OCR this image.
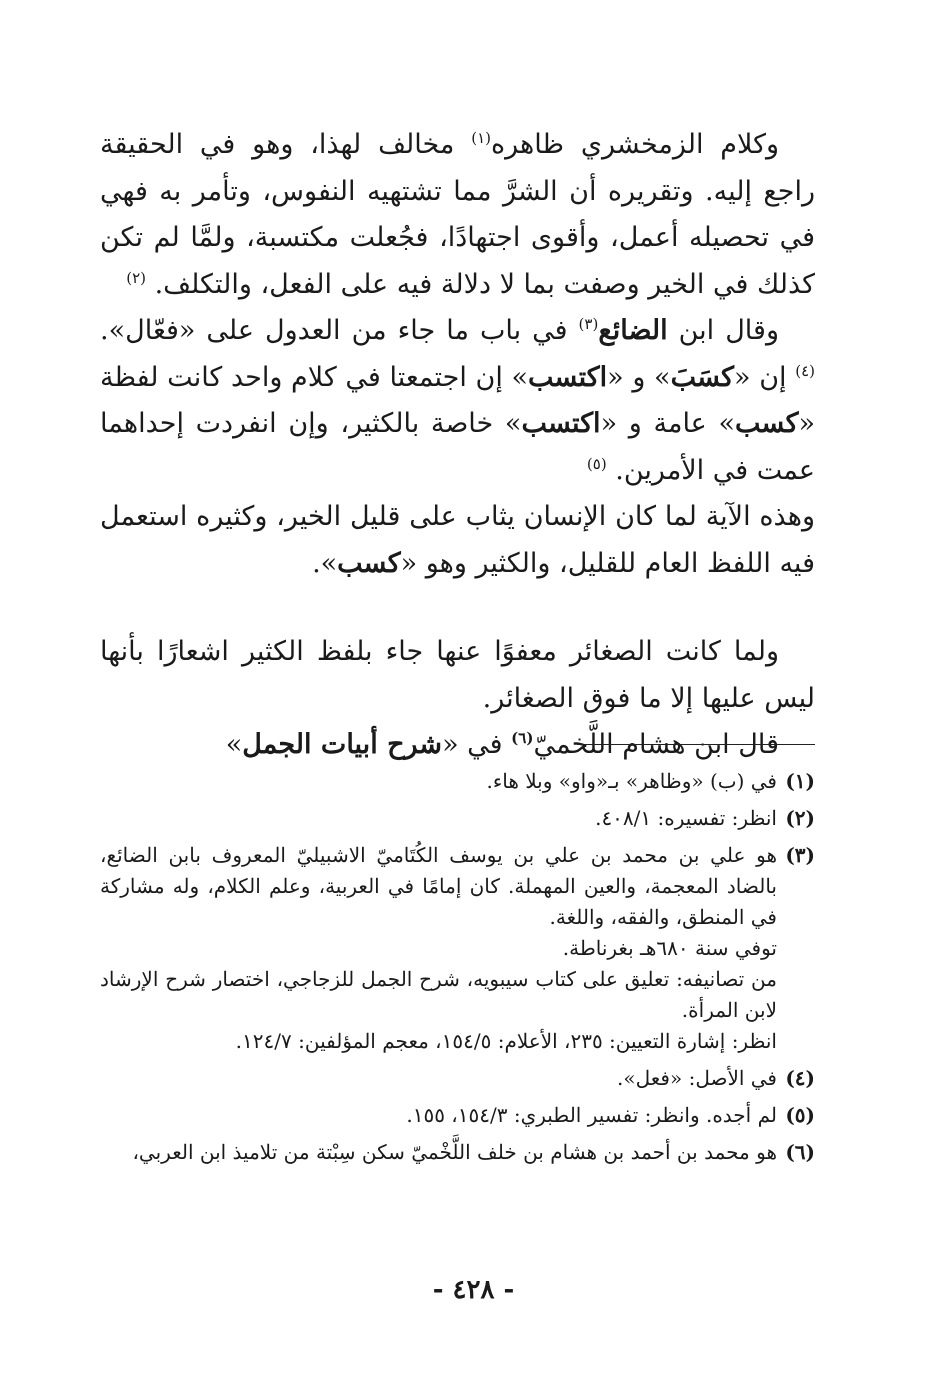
وكلام الزمخشري ظاهره$^{(١)}$ مخالف لهذا، وهو في الحقيقة راجع إليه. وتقريره أن الشرَّ مما تشتهيه النفوس، وتأمر به فهي في تحصيله أعمل، وأقوى اجتهادًا، فجُعلت مكتسبة، ولمَّا لم تكن كذلك في الخير وصفت بما لا دلالة فيه على الفعل، والتكلف. $^{(٢)}$

وقال ابن الضائع$^{(٣)}$ في باب ما جاء من العدول على «فعّال». $^{(٤)}$ إن «كسَبَ» و «اكتسب» إن اجتمعتا في كلام واحد كانت لفظة «كسب» عامة و «اكتسب» خاصة بالكثير، وإن انفردت إحداهما عمت في الأمرين. $^{(٥)}$

وهذه الآية لما كان الإنسان يثاب على قليل الخير، وكثيره استعمل فيه اللفظ العام للقليل، والكثير وهو «كسب».

ولما كانت الصغائر معفوًا عنها جاء بلفظ الكثير اشعارًا بأنها ليس عليها إلا ما فوق الصغائر.

قال ابن هشام اللَّخميّ$^{(٦)}$ في «شرح أبيات الجمل»

(١)
في (ب) «وظاهر» بـ«واو» وبلا هاء.
(٢)
انظر: تفسيره: ٤٠٨/١.
(٣)
هو علي بن محمد بن علي بن يوسف الكُتَاميّ الاشبيليّ المعروف بابن الضائع، بالضاد المعجمة، والعين المهملة. كان إمامًا في العربية، وعلم الكلام، وله مشاركة في المنطق، والفقه، واللغة.
توفي سنة ٦٨٠هـ بغرناطة.
من تصانيفه: تعليق على كتاب سيبويه، شرح الجمل للزجاجي، اختصار شرح الإرشاد لابن المرأة.
انظر: إشارة التعيين: ٢٣٥، الأعلام: ١٥٤/٥، معجم المؤلفين: ١٢٤/٧.
(٤)
في الأصل: «فعل».
(٥)
لم أجده. وانظر: تفسير الطبري: ١٥٤/٣، ١٥٥.
(٦)
هو محمد بن أحمد بن هشام بن خلف اللَّخْميّ سكن سِبْتة من تلاميذ ابن العربي،
- ٤٢٨ -
